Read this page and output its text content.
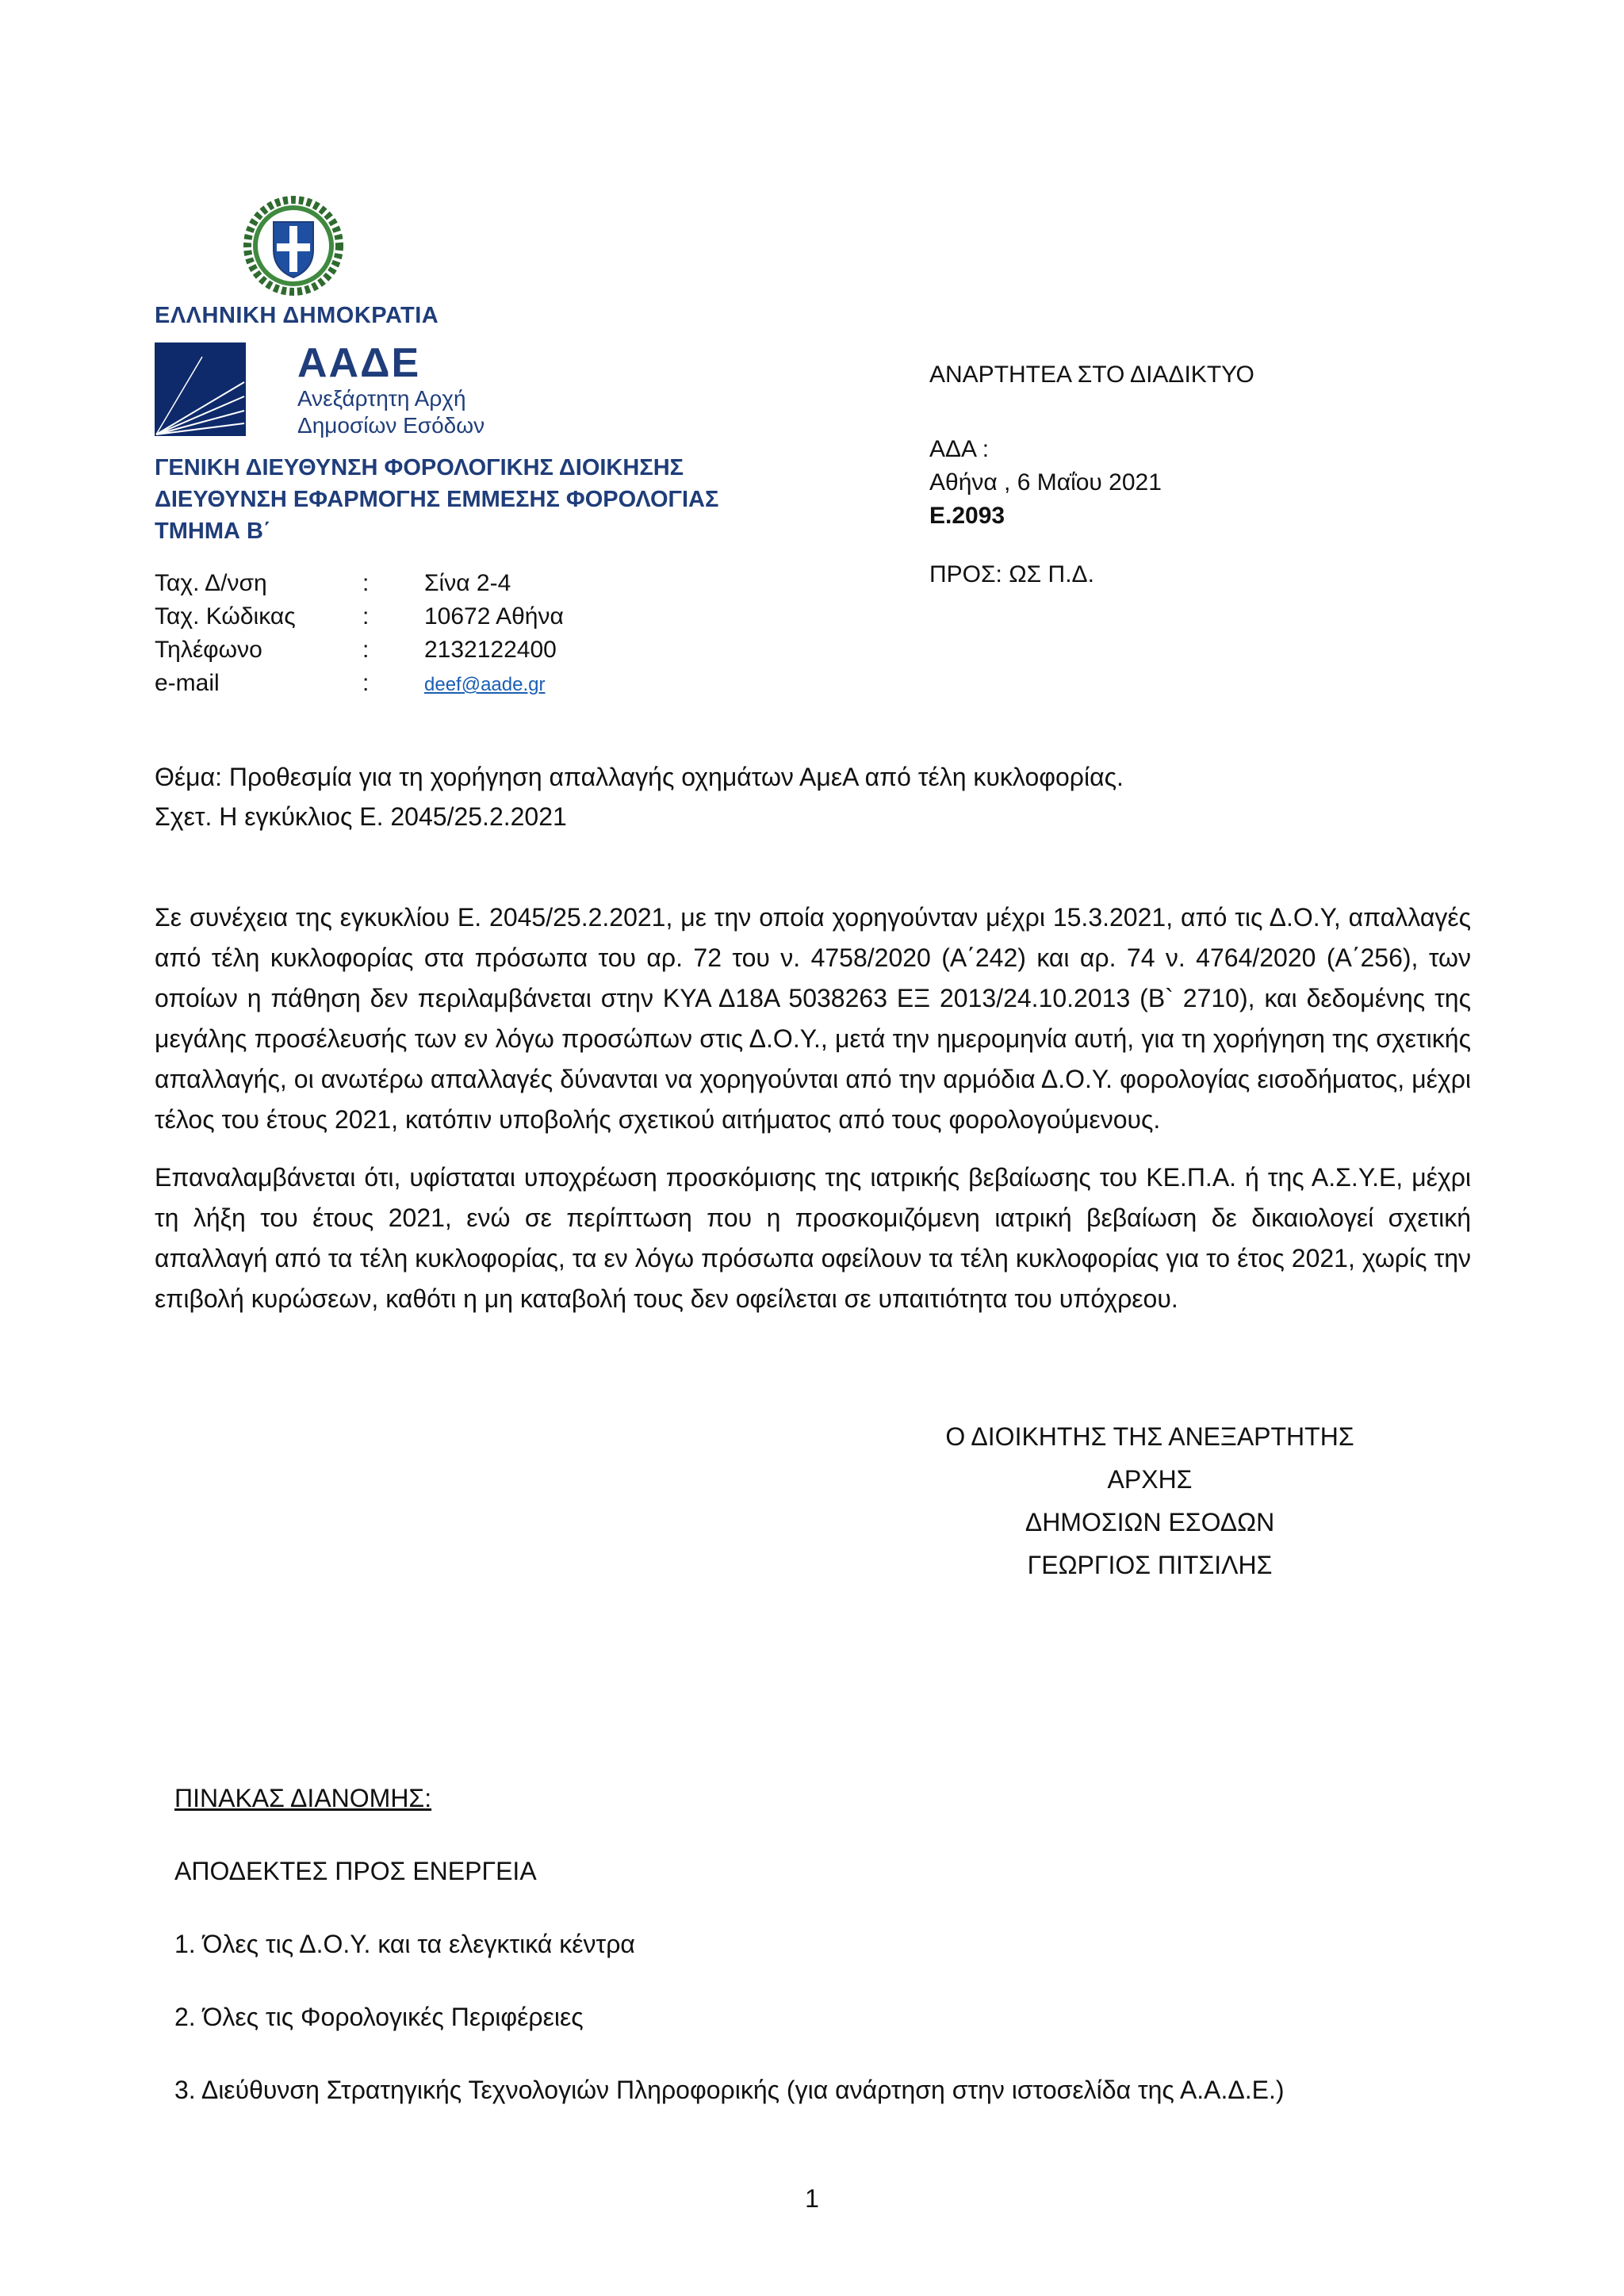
ΕΛΛΗΝΙΚΗ ΔΗΜΟΚΡΑΤΙΑ
ΑΑΔΕ
Ανεξάρτητη Αρχή
Δημοσίων Εσόδων
ΓΕΝΙΚΗ ΔΙΕΥΘΥΝΣΗ ΦΟΡΟΛΟΓΙΚΗΣ ΔΙΟΙΚΗΣΗΣ
ΔΙΕΥΘΥΝΣΗ ΕΦΑΡΜΟΓΗΣ ΕΜΜΕΣΗΣ ΦΟΡΟΛΟΓΙΑΣ
ΤΜΗΜΑ Β΄
Ταχ. Δ/νση	:	Σίνα 2-4
Ταχ. Κώδικας	:	10672 Αθήνα
Τηλέφωνο	:	2132122400
e-mail	:	deef@aade.gr
ΑΝΑΡΤΗΤΕΑ ΣΤΟ ΔΙΑΔΙΚΤΥΟ
ΑΔΑ :
Αθήνα , 6 Μαΐου 2021
Ε.2093
ΠΡΟΣ: ΩΣ Π.Δ.
Θέμα: Προθεσμία για τη χορήγηση απαλλαγής οχημάτων ΑμεΑ από τέλη κυκλοφορίας.
Σχετ. Η εγκύκλιος Ε. 2045/25.2.2021

Σε συνέχεια της εγκυκλίου Ε. 2045/25.2.2021, με την οποία χορηγούνταν μέχρι 15.3.2021, από τις Δ.Ο.Υ, απαλλαγές από τέλη κυκλοφορίας στα πρόσωπα του αρ. 72 του ν. 4758/2020 (Α΄242) και αρ. 74 ν. 4764/2020 (Α΄256), των οποίων η πάθηση δεν περιλαμβάνεται στην ΚΥΑ Δ18Α 5038263 ΕΞ 2013/24.10.2013 (Β` 2710), και δεδομένης της μεγάλης προσέλευσής των εν λόγω προσώπων στις Δ.Ο.Υ., μετά την ημερομηνία αυτή, για τη χορήγηση της σχετικής απαλλαγής, οι ανωτέρω απαλλαγές δύνανται να χορηγούνται από την αρμόδια Δ.Ο.Υ. φορολογίας εισοδήματος, μέχρι τέλος του έτους 2021, κατόπιν υποβολής σχετικού αιτήματος από τους φορολογούμενους.

Επαναλαμβάνεται ότι, υφίσταται υποχρέωση προσκόμισης της ιατρικής βεβαίωσης του ΚΕ.Π.Α. ή της Α.Σ.Υ.Ε, μέχρι τη λήξη του έτους 2021, ενώ σε περίπτωση που η προσκομιζόμενη ιατρική βεβαίωση δε δικαιολογεί σχετική απαλλαγή από τα τέλη κυκλοφορίας, τα εν λόγω πρόσωπα οφείλουν τα τέλη κυκλοφορίας για το έτος 2021, χωρίς την επιβολή κυρώσεων, καθότι η μη καταβολή τους δεν οφείλεται σε υπαιτιότητα του υπόχρεου.

Ο ΔΙΟΙΚΗΤΗΣ ΤΗΣ ΑΝΕΞΑΡΤΗΤΗΣ ΑΡΧΗΣ
ΔΗΜΟΣΙΩΝ ΕΣΟΔΩΝ
ΓΕΩΡΓΙΟΣ ΠΙΤΣΙΛΗΣ
ΠΙΝΑΚΑΣ ΔΙΑΝΟΜΗΣ:
ΑΠΟΔΕΚΤΕΣ ΠΡΟΣ ΕΝΕΡΓΕΙΑ
1. Όλες τις Δ.Ο.Υ. και τα ελεγκτικά κέντρα
2. Όλες τις Φορολογικές Περιφέρειες
3. Διεύθυνση Στρατηγικής Τεχνολογιών Πληροφορικής (για ανάρτηση στην ιστοσελίδα της Α.Α.Δ.Ε.)
1
